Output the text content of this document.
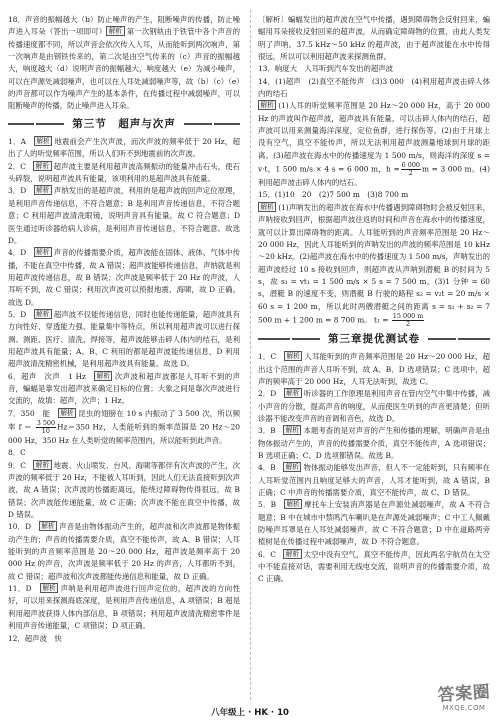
18．声音的振幅越大（b）防止噪声的产生，阻断噪声的传播，防止噪声进入耳朵（答出一项即可） 解析 第一次钢轨由于铁管中各个声音的传播速度都不同，所以声音会依次传入人耳，从而能听到两次响声，第一次响声是由钢铁传来的，第二次是由空气传来的（c）声音的振幅越大，响度越大（d）说明声音的振幅越大，响度越大（e）为减小噪声，可以在声源处减弱噪声，也可以在人耳处减弱噪声等，故（b）（c）（e）的声音都可以作为噪声产生的基本条件，在传播过程中减弱噪声，可以阻断噪声的传播，防止噪声进入耳朵。

第三节　超声与次声

1．A　 解析 地震前会产生次声波，而次声波的频率低于 20 Hz，超出了人的听觉频率范围，所以人们听不到地震前的次声波。

2．C　 解析 超声波主要是利用超声波高频振动的能量冲击石头，使石头碎裂，说明超声波具有能量，该项利用的是超声波具有能量。

3．D　 解析 声纳发出的是超声波，利用的是超声波的回声定位原理，是利用声音传递信息，不符合题意；B 是利用声音传递信息，不符合题意；C 利用超声波清洗眼镜，说明声音具有能量，故 C 符合题意；D 医生通过听诊器给病人诊病，是利用声音传递信息，不符合题意。故选 D。

4．D　 解析 声音的传播需要介质，超声波能在固体、液体、气体中传播，不能在真空中传播，故 A 错误；超声波能够传递信息，声纳就是利用超声波传递信息，故 B 错误；次声波是频率低于 20 Hz 的声波，人耳听不到，故 C 错误；利用次声波可以预报地震、海啸，故 D 正确。故选 D。

5．D　 解析 超声波不仅能传递信息，同时也能传递能量，超声波具有方向性好、穿透能力强、能量集中等特点，所以利用超声波可以进行探测、测距、医疗、清洗、焊接等，超声波能够击碎人体内的结石，是利用超声波具有能量；A、B、C 利用的都是超声波能传递信息，D 利用超声波清洗精密机械，是利用超声波具有能量。故选 D。

6．超声　次声　1 Hz　 解析 次声波和超声波都是人耳听不到的声音，蝙蝠是靠发出超声波来确定目标的位置；大象之间是靠次声波进行交流的，故填：超声，次声；1 Hz。

7．350　能　 解析 昆虫的翅膀在 10 s 内振动了 3 500 次，所以频率 $f = \frac{3 500}{10} Hz=350$ Hz，人类能听到的频率范围是 20 Hz～20 000 Hz，350 Hz 在人类听觉的频率范围内，所以能听到此声音。

8．C

9．C　 解析 地震、火山喷发、台风、海啸等都伴有次声波的产生，次声波的频率低于 20 Hz，不能被人耳听到，因此人们无法直接听到次声波，故 A 错误；次声波的传播距离远，能绕过障碍物传得很远，故 B 错误；次声波能传递能量，故 C 正确；次声波不能在真空中传播，故 D 错误。

10．D　 解析 声音是由物体振动产生的，超声波和次声波都是物体振动产生的；声音的传播需要介质，真空不能传声，故 A、B 错误；人耳能听到的声音频率范围是 20～20 000 Hz，超声波是频率高于 20 000 Hz 的声音，次声波是频率低于 20 Hz 的声音，人耳都听不到，故 C 错误；超声波和次声波都能传递信息和能量，故 D 正确。

11．D　 解析 声呐是利用超声波进行回声定位的，超声波的方向性好，可以用来探测海底深度，是利用声音传递信息，A 项错误；B 超是利用超声波获得人体内部信息，B 项错误；利用超声波清洗精密零件是利用声音传递能量，C 项错误；D 项正确。

12．超声波　快

〔解析〕蝙蝠发出的超声波在空气中传播，遇到障碍物会反射回来，蝙蝠用耳朵接收反射回来的超声波，从而确定障碍物的位置，由此人类发明了声呐。37.5 kHz～50 kHz 的超声波，由于超声波能在水中传得很远，所以可以利用超声波来探测鱼群。

13．响度大　人耳听到汽车发出的超声波

14．(1)超声　 (2)真空不能传声　(3)3 000　(4)利用超声波击碎人体内的结石

解析 (1)人耳的听觉频率范围是 20 Hz～20 000 Hz，高于 20 000 Hz 的声波叫作超声波，超声波具有能量，可以击碎人体内的结石，超声波可以用来测量海洋深度，定位鱼群，进行探伤等。(2)由于月球上没有空气，真空不能传声，所以无法利用超声波测量地球到月球的距离。(3)超声波在海水中的传播速度为 1 500 m/s，则海洋的深度 s = v·t，1 500 m/s × 4 s = 6 000 m，$h = \frac{6 000}{2}$ m = 3 000 m。(4)利用超声波击碎人体内的结石。

15．(1)10　20　(2)7 500 m　(3)8 700 m

解析 (1)声呐发出的超声波在海水中传播遇到障碍物时会被反射回来，声呐接收到回声，根据超声波往返的时间和声音在海水中的传播速度，就可以计算出障碍物的距离。人耳能听到的声音频率范围是 20 Hz～20 000 Hz，因此人耳能听到的声呐发出的声波的频率范围是 10 kHz～20 kHz。(2)超声波在海水中的传播速度为 1 500 m/s，声呐发出的超声波经过 10 s 接收到回声，则超声波从声呐到潜艇 B 的时间为 5 s，故 s₁ = vt₁ = 1 500 m/s × 5 s = 7 500 m。(3)1 分钟 = 60 s，潜艇 B 的速度不变，则潜艇 B 行驶的路程 s₂ = v₂t = 20 m/s × 60 s = 1 200 m，所以此时两艘潜艇之间的距离 s = s₁ + s₂ = 7 500 m + 1 200 m = 8 700 m。 $t_1 = \frac{15 000 m}{2}$

第三章提优测试卷

1．C　 解析 人耳能听到的声音频率范围是 20 Hz～20 000 Hz，超出这个范围的声音人耳听不到，故 A、B、D 选项错误；C 选项中，超声的频率高于 20 000 Hz，人耳无法听到，故选 C。

2．D　 解析 听诊器的工作原理是利用声音在管内空气中集中传播，减小声音的分散，提高声音的响度，从而使医生听到的声音更清楚；但听诊器不能改变声音的音调和音色，故选 D。

3．B　 解析 本题考查的是对声音的产生和传播的理解，明确声音是由物体振动产生的，声音的传播需要介质，真空不能传声，A 选项错误；B 选项正确；C、D 选项都错误。故选 B。

4．B　 解析 物体振动能够发出声音，但人不一定能听到，只有频率在人耳听觉范围内且响度足够大的声音，人耳才能听到，故 A 错误，B 正确；C 中声音的传播需要介质，真空不能传声，故 C、D 错误。

5．B　 解析 摩托车上安装消声器是在声源处减弱噪声，故 A 不符合题意；B 中在城市中禁鸣汽车喇叭是在声源处减弱噪声；C 中工人佩戴防噪声耳罩是在人耳处减弱噪声，故 C 不符合题意；D 中在道路两旁植树是在传播过程中减弱噪声，故 D 不符合题意。

6．C　 解析 太空中没有空气，真空不能传声，因此两名宇航员在太空中不能直接对话，需要利用无线电交流，说明声音的传播需要介质，故 C 正确。

八年级上 · HK · 10
答案圈
MXQE.COM
